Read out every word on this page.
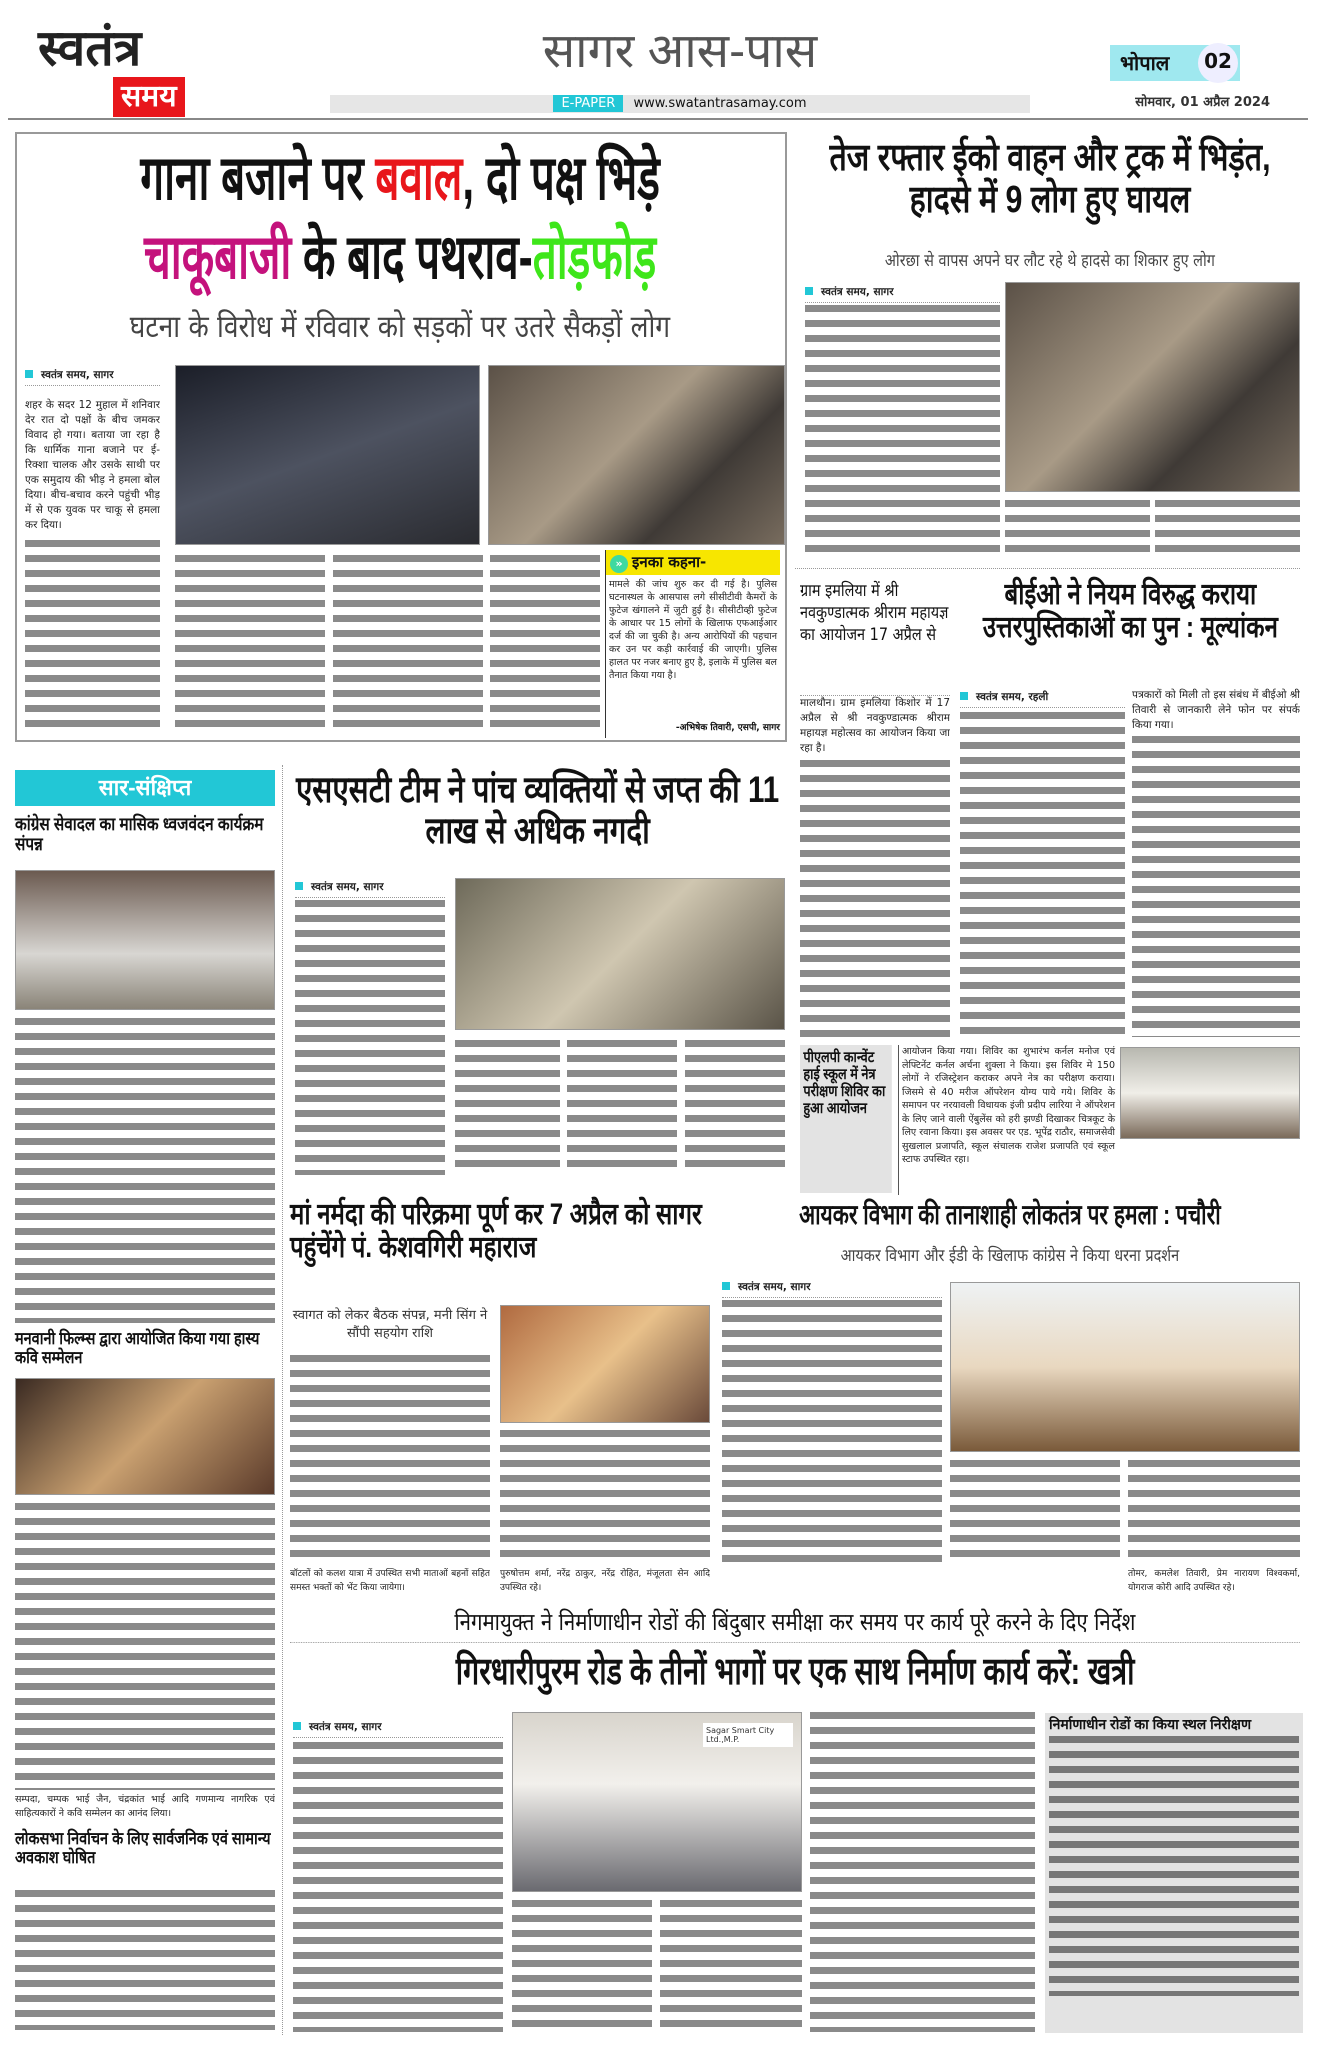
स्वतंत्र
समय
सागर आस-पास
E-PAPER www.swatantrasamay.com
भोपाल	02
सोमवार, 01 अप्रैल 2024
गाना बजाने पर बवाल, दो पक्ष भिड़े
चाकूबाजी के बाद पथराव-तोड़फोड़
घटना के विरोध में रविवार को सड़कों पर उतरे सैकड़ों लोग
स्वतंत्र समय, सागर
शहर के सदर 12 मुहाल में शनिवार देर रात दो पक्षों के बीच जमकर विवाद हो गया। बताया जा रहा है कि धार्मिक गाना बजाने पर ई-रिक्शा चालक और उसके साथी पर एक समुदाय की भीड़ ने हमला बोल दिया। बीच-बचाव करने पहुंची भीड़ में से एक युवक पर चाकू से हमला कर दिया।
» इनका कहना-
मामले की जांच शुरु कर दी गई है। पुलिस घटनास्थल के आसपास लगे सीसीटीवी कैमरों के फुटेज खंगालने में जुटी हुई है। सीसीटीव्ही फुटेज के आधार पर 15 लोगों के खिलाफ एफआईआर दर्ज की जा चुकी है। अन्य आरोपियों की पहचान कर उन पर कड़ी कार्रवाई की जाएगी। पुलिस हालत पर नजर बनाए हुए है, इलाके में पुलिस बल तैनात किया गया है।
-अभिषेक तिवारी, एसपी, सागर
तेज रफ्तार ईको वाहन और ट्रक में भिड़ंत, हादसे में 9 लोग हुए घायल
ओरछा से वापस अपने घर लौट रहे थे हादसे का शिकार हुए लोग
स्वतंत्र समय, सागर
सार-संक्षिप्त
कांग्रेस सेवादल का मासिक ध्वजवंदन कार्यक्रम संपन्न
मनवानी फिल्म्स द्वारा आयोजित किया गया हास्य कवि सम्मेलन
सम्पदा, चम्पक भाई जैन, चंद्रकांत भाई आदि गणमान्य नागरिक एवं साहित्यकारों ने कवि सम्मेलन का आनंद लिया।
लोकसभा निर्वाचन के लिए सार्वजनिक एवं सामान्य अवकाश घोषित
एसएसटी टीम ने पांच व्यक्तियों से जप्त की 11 लाख से अधिक नगदी
स्वतंत्र समय, सागर
ग्राम इमलिया में श्री नवकुण्डात्मक श्रीराम महायज्ञ का आयोजन 17 अप्रैल से
मालथौन। ग्राम इमलिया किशोर में 17 अप्रैल से श्री नवकुण्डात्मक श्रीराम महायज्ञ महोत्सव का आयोजन किया जा रहा है।
बीईओ ने नियम विरुद्ध कराया उत्तरपुस्तिकाओं का पुन : मूल्यांकन
स्वतंत्र समय, रहली	पत्रकारों को मिली तो इस संबंध में बीईओ श्री तिवारी से जानकारी लेने फोन पर संपर्क किया गया।
पीएलपी कान्वेंट हाई स्कूल में नेत्र परीक्षण शिविर का हुआ आयोजन
आयोजन किया गया। शिविर का शुभारंभ कर्नल मनोज एवं लेफ्टिनेंट कर्नल अर्चना शुक्ला ने किया। इस शिविर मे 150 लोगों ने रजिस्ट्रेशन कराकर अपने नेत्र का परीक्षण कराया। जिसमे से 40 मरीज ऑपरेशन योग्य पाये गये। शिविर के समापन पर नरयावली विधायक इंजी प्रदीप लारिया ने ऑपरेशन के लिए जाने वाली ऐंबुलेंस को हरी झण्डी दिखाकर चित्रकूट के लिए रवाना किया। इस अवसर पर एड. भूपेंद्र राठौर, समाजसेवी सुखलाल प्रजापति, स्कूल संचालक राजेश प्रजापति एवं स्कूल स्टाफ उपस्थित रहा।
मां नर्मदा की परिक्रमा पूर्ण कर 7 अप्रैल को सागर पहुंचेंगे पं. केशवगिरी महाराज
स्वागत को लेकर बैठक संपन्न, मनी सिंग ने सौंपी सहयोग राशि
बॉटलों को कलश यात्रा में उपस्थित सभी माताओं बहनों सहित समस्त भक्तों को भेंट किया जायेगा।
पुरुषोत्तम शर्मा, नरेंद्र ठाकुर, नरेंद्र रोहित, मंजूलता सेन आदि उपस्थित रहे।
आयकर विभाग की तानाशाही लोकतंत्र पर हमला : पचौरी
आयकर विभाग और ईडी के खिलाफ कांग्रेस ने किया धरना प्रदर्शन
स्वतंत्र समय, सागर
तोमर, कमलेश तिवारी, प्रेम नारायण विश्वकर्मा, योगराज कोरी आदि उपस्थित रहे।
निगमायुक्त ने निर्माणाधीन रोडों की बिंदुबार समीक्षा कर समय पर कार्य पूरे करने के दिए निर्देश
गिरधारीपुरम रोड के तीनों भागों पर एक साथ निर्माण कार्य करें: खत्री
स्वतंत्र समय, सागर	Sagar Smart City Ltd.,M.P.
निर्माणाधीन रोडों का किया स्थल निरीक्षण
